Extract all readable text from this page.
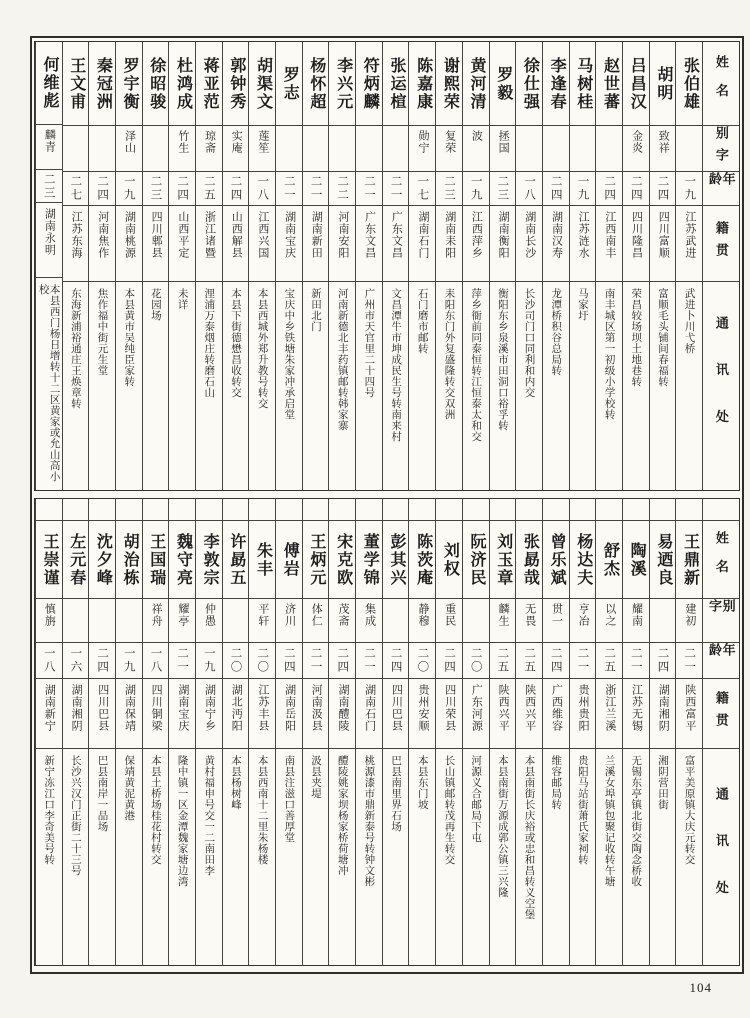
姓名
别字
年龄
籍贯
通讯处
张伯雄
一九
江苏武进
武进卜川弋桥
胡明
致祥
二四
四川富顺
富顺毛头铺间春福转
吕昌汉
金炎
二四
四川隆昌
荣昌较场坝土地巷转
赵世蕃
二四
江西南丰
南丰城区第一初级小学校转
马树桂
一九
江苏涟水
马家圩
李逢春
二四
湖南汉寿
龙潭桥积谷总局转
徐仕强
一八
湖南长沙
长沙司门口同利和内交
罗毅
拯国
二三
湖南衡阳
衡阳东乡泉溪市田洞口裕孚转
黄河清
波
一九
江西萍乡
萍乡衙前同泰恒转江恒泰太和交
谢熙荣
复荣
二三
湖南耒阳
耒阳东门外复盛隆转交双洲
陈嘉康
勋宁
一七
湖南石门
石门磨市邮转
张运楦
二一
广东文昌
文昌潭牛市坤成民生号转南来村
符炳麟
二一
广东文昌
广州市天官里二十四号
李兴元
二二
河南安阳
河南新德北丰药镇邮转韩家寨
杨怀超
二一
湖南新田
新田北门
罗志
二一
湖南宝庆
宝庆中乡铁塘朱家冲承启堂
胡渠文
莲笙
一八
江西兴国
本县西城外郑升教号转交
郭钟秀
实庵
二四
山西解县
本县下街德懋昌收转交
蒋亚范
琼斋
二五
浙江诸暨
浬浦万泰烟庄转磨石山
杜鸿成
竹生
二四
山西平定
未详
徐昭骏
二三
四川郫县
花园场
罗宇衡
泽山
一九
湖南桃源
本县黄市吴纯臣家转
秦冠洲
二四
河南焦作
焦作福中街元生堂
王文甫
二七
江苏东海
东海新浦裕通庄王焕章转
何维彪
麟青
二三
湖南永明
本县西门杨日增转十二区黄家或允山高小校
姓名
别字
年龄
籍贯
通讯处
王鼎新
建初
二一
陕西富平
富平美原镇大庆元转交
易迺良
二四
湖南湘阴
湘阴营田街
陶溪
耀南
二一
江苏无锡
无锡东亭镇北街交陶念桥收
舒杰
以之
二五
浙江兰溪
兰溪女埠镇包聚记收转午塘
杨达夫
亨冶
二一
贵州贵阳
贵阳马站街萧氏家祠转
曾乐斌
贯一
二四
广西维容
维容邮局转
张勗哉
无畏
二五
陕西兴平
本县南街长庆裕或忠和昌转义空堡
刘玉章
麟生
二五
陕西兴平
本县南街万源成郭公镇三兴隆
阮济民
二〇
广东河源
河源义合邮局下屯
刘权
重民
二四
四川荣县
长山镇邮转茂再生转交
陈茨庵
静穆
二〇
贵州安顺
本县东门坡
彭其兴
二四
四川巴县
巴县南里界石场
董学锦
集成
二一
湖南石门
桃源漆市鼎新泰号转钟文彬
宋克欧
茂斋
二四
湖南醴陵
醴陵姚家坝杨家桥荷塘冲
王炳元
体仁
二一
河南汲县
汲县夹堤
傅岩
济川
二四
湖南岳阳
南县注滋口善厚堂
朱丰
平轩
二〇
江苏丰县
本县西南十二里朱杨楼
许勗五
二〇
湖北沔阳
本县杨树峰
李敦宗
仲愚
一九
湖南宁乡
黄村福申号交一二南田李
魏守亮
耀亭
二一
湖南宝庆
隆中镇一区金潭魏家塘边湾
王国瑞
祥舟
一八
四川铜梁
本县土桥场桂花村转交
胡治栋
一九
湖南保靖
保靖黄泥黄港
沈夕峰
二四
四川巴县
巴县南岸一品场
左元春
一六
湖南湘阴
长沙兴汉门正街二十三号
王崇谨
慎旃
一八
湖南新宁
新宁冻江口李奇美号转
104
